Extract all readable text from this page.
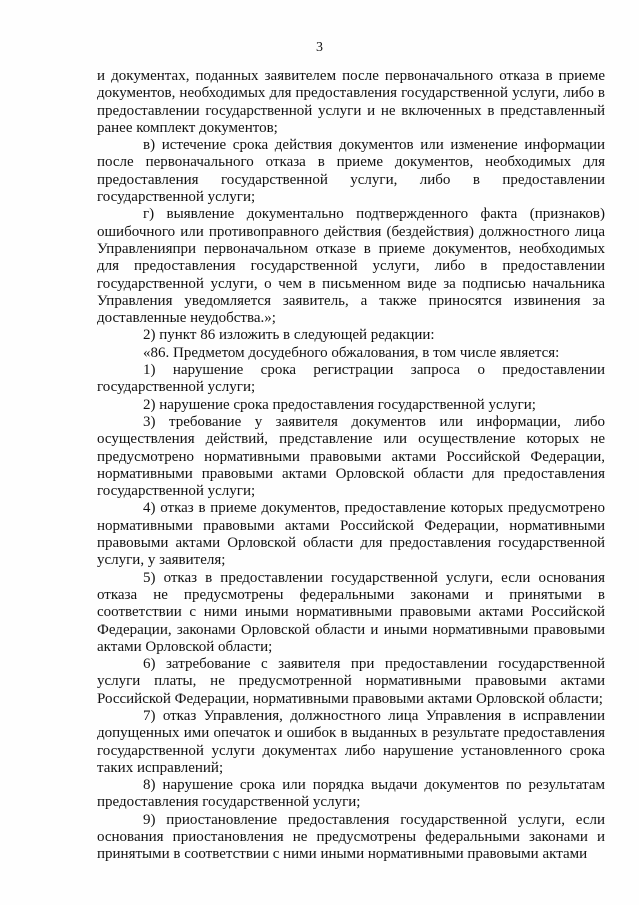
3

и документах, поданных заявителем после первоначального отказа в приеме документов, необходимых для предоставления государственной услуги, либо в предоставлении государственной услуги и не включенных в представленный ранее комплект документов;

в) истечение срока действия документов или изменение информации после первоначального отказа в приеме документов, необходимых для предоставления государственной услуги, либо в предоставлении государственной услуги;

г) выявление документально подтвержденного факта (признаков) ошибочного или противоправного действия (бездействия) должностного лица Управленияпри первоначальном отказе в приеме документов, необходимых для предоставления государственной услуги, либо в предоставлении государственной услуги, о чем в письменном виде за подписью начальника Управления уведомляется заявитель, а также приносятся извинения за доставленные неудобства.»;

2) пункт 86 изложить в следующей редакции:

«86. Предметом досудебного обжалования, в том числе является:

1) нарушение срока регистрации запроса о предоставлении государственной услуги;

2) нарушение срока предоставления государственной услуги;

3) требование у заявителя документов или информации, либо осуществления действий, представление или осуществление которых не предусмотрено нормативными правовыми актами Российской Федерации, нормативными правовыми актами Орловской области для предоставления государственной услуги;

4) отказ в приеме документов, предоставление которых предусмотрено нормативными правовыми актами Российской Федерации, нормативными правовыми актами Орловской области для предоставления государственной услуги, у заявителя;

5) отказ в предоставлении государственной услуги, если основания отказа не предусмотрены федеральными законами и принятыми в соответствии с ними иными нормативными правовыми актами Российской Федерации, законами Орловской области и иными нормативными правовыми актами Орловской области;

6) затребование с заявителя при предоставлении государственной услуги платы, не предусмотренной нормативными правовыми актами Российской Федерации, нормативными правовыми актами Орловской области;

7) отказ Управления, должностного лица Управления в исправлении допущенных ими опечаток и ошибок в выданных в результате предоставления государственной услуги документах либо нарушение установленного срока таких исправлений;

8) нарушение срока или порядка выдачи документов по результатам предоставления государственной услуги;

9) приостановление предоставления государственной услуги, если основания приостановления не предусмотрены федеральными законами и принятыми в соответствии с ними иными нормативными правовыми актами
